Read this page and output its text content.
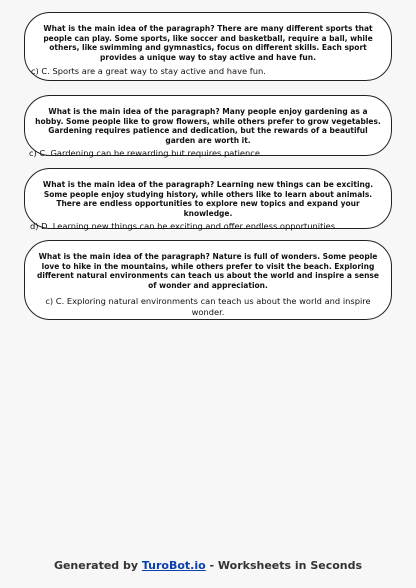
What is the main idea of the paragraph? There are many different sports that people can play. Some sports, like soccer and basketball, require a ball, while others, like swimming and gymnastics, focus on different skills. Each sport provides a unique way to stay active and have fun.

c) C. Sports are a great way to stay active and have fun.

What is the main idea of the paragraph? Many people enjoy gardening as a hobby. Some people like to grow flowers, while others prefer to grow vegetables. Gardening requires patience and dedication, but the rewards of a beautiful garden are worth it.

c) C. Gardening can be rewarding but requires patience.

What is the main idea of the paragraph? Learning new things can be exciting. Some people enjoy studying history, while others like to learn about animals. There are endless opportunities to explore new topics and expand your knowledge.

d) D. Learning new things can be exciting and offer endless opportunities.

What is the main idea of the paragraph? Nature is full of wonders. Some people love to hike in the mountains, while others prefer to visit the beach. Exploring different natural environments can teach us about the world and inspire a sense of wonder and appreciation.

c) C. Exploring natural environments can teach us about the world and inspire wonder.

Generated by TuroBot.io - Worksheets in Seconds
